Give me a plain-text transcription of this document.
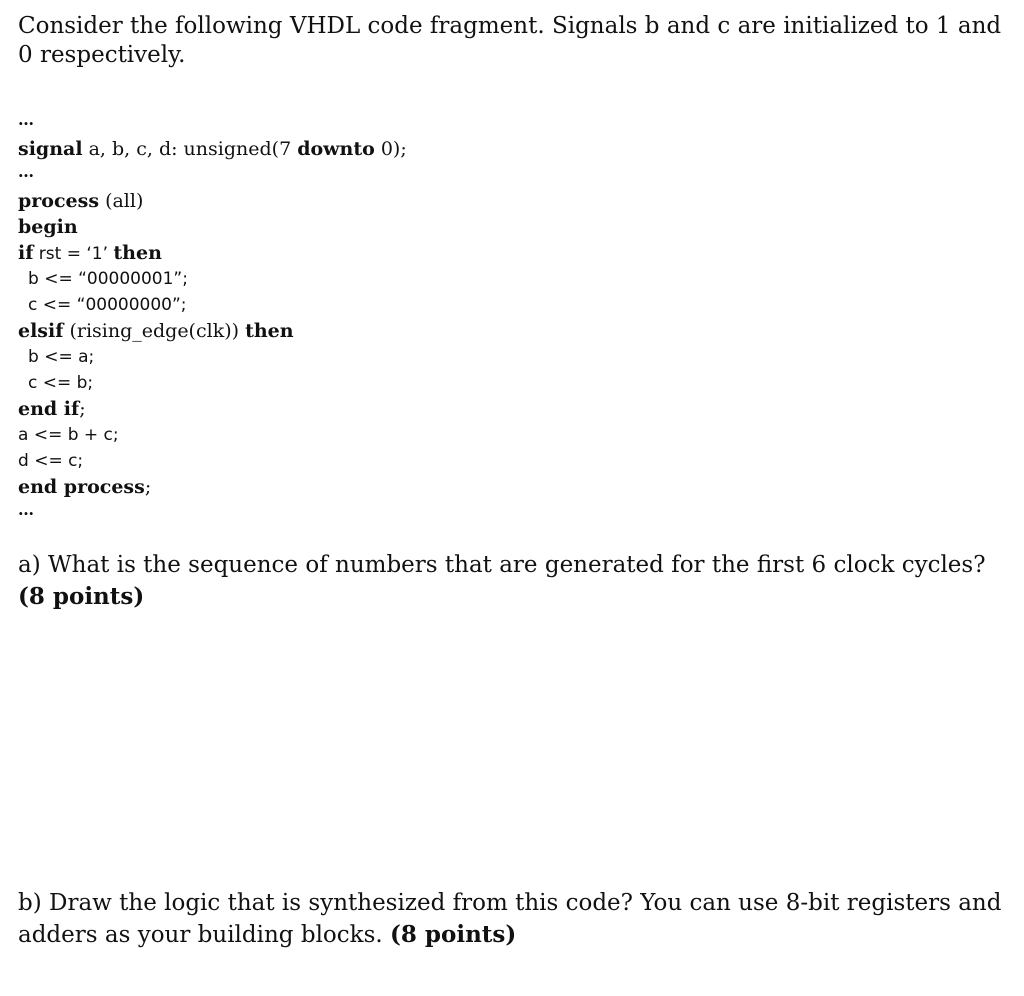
Consider the following VHDL code fragment. Signals b and c are initialized to 1 and 0 respectively.

…
signal a, b, c, d: unsigned(7 downto 0);
…
process (all)
begin
if rst = ‘1’ then
b <= “00000001”;
c <= “00000000”;
elsif (rising_edge(clk)) then
b <= a;
c <= b;
end if;
a <= b + c;
d <= c;
end process;
…

a) What is the sequence of numbers that are generated for the first 6 clock cycles? (8 points)

b) Draw the logic that is synthesized from this code? You can use 8-bit registers and adders as your building blocks. (8 points)
